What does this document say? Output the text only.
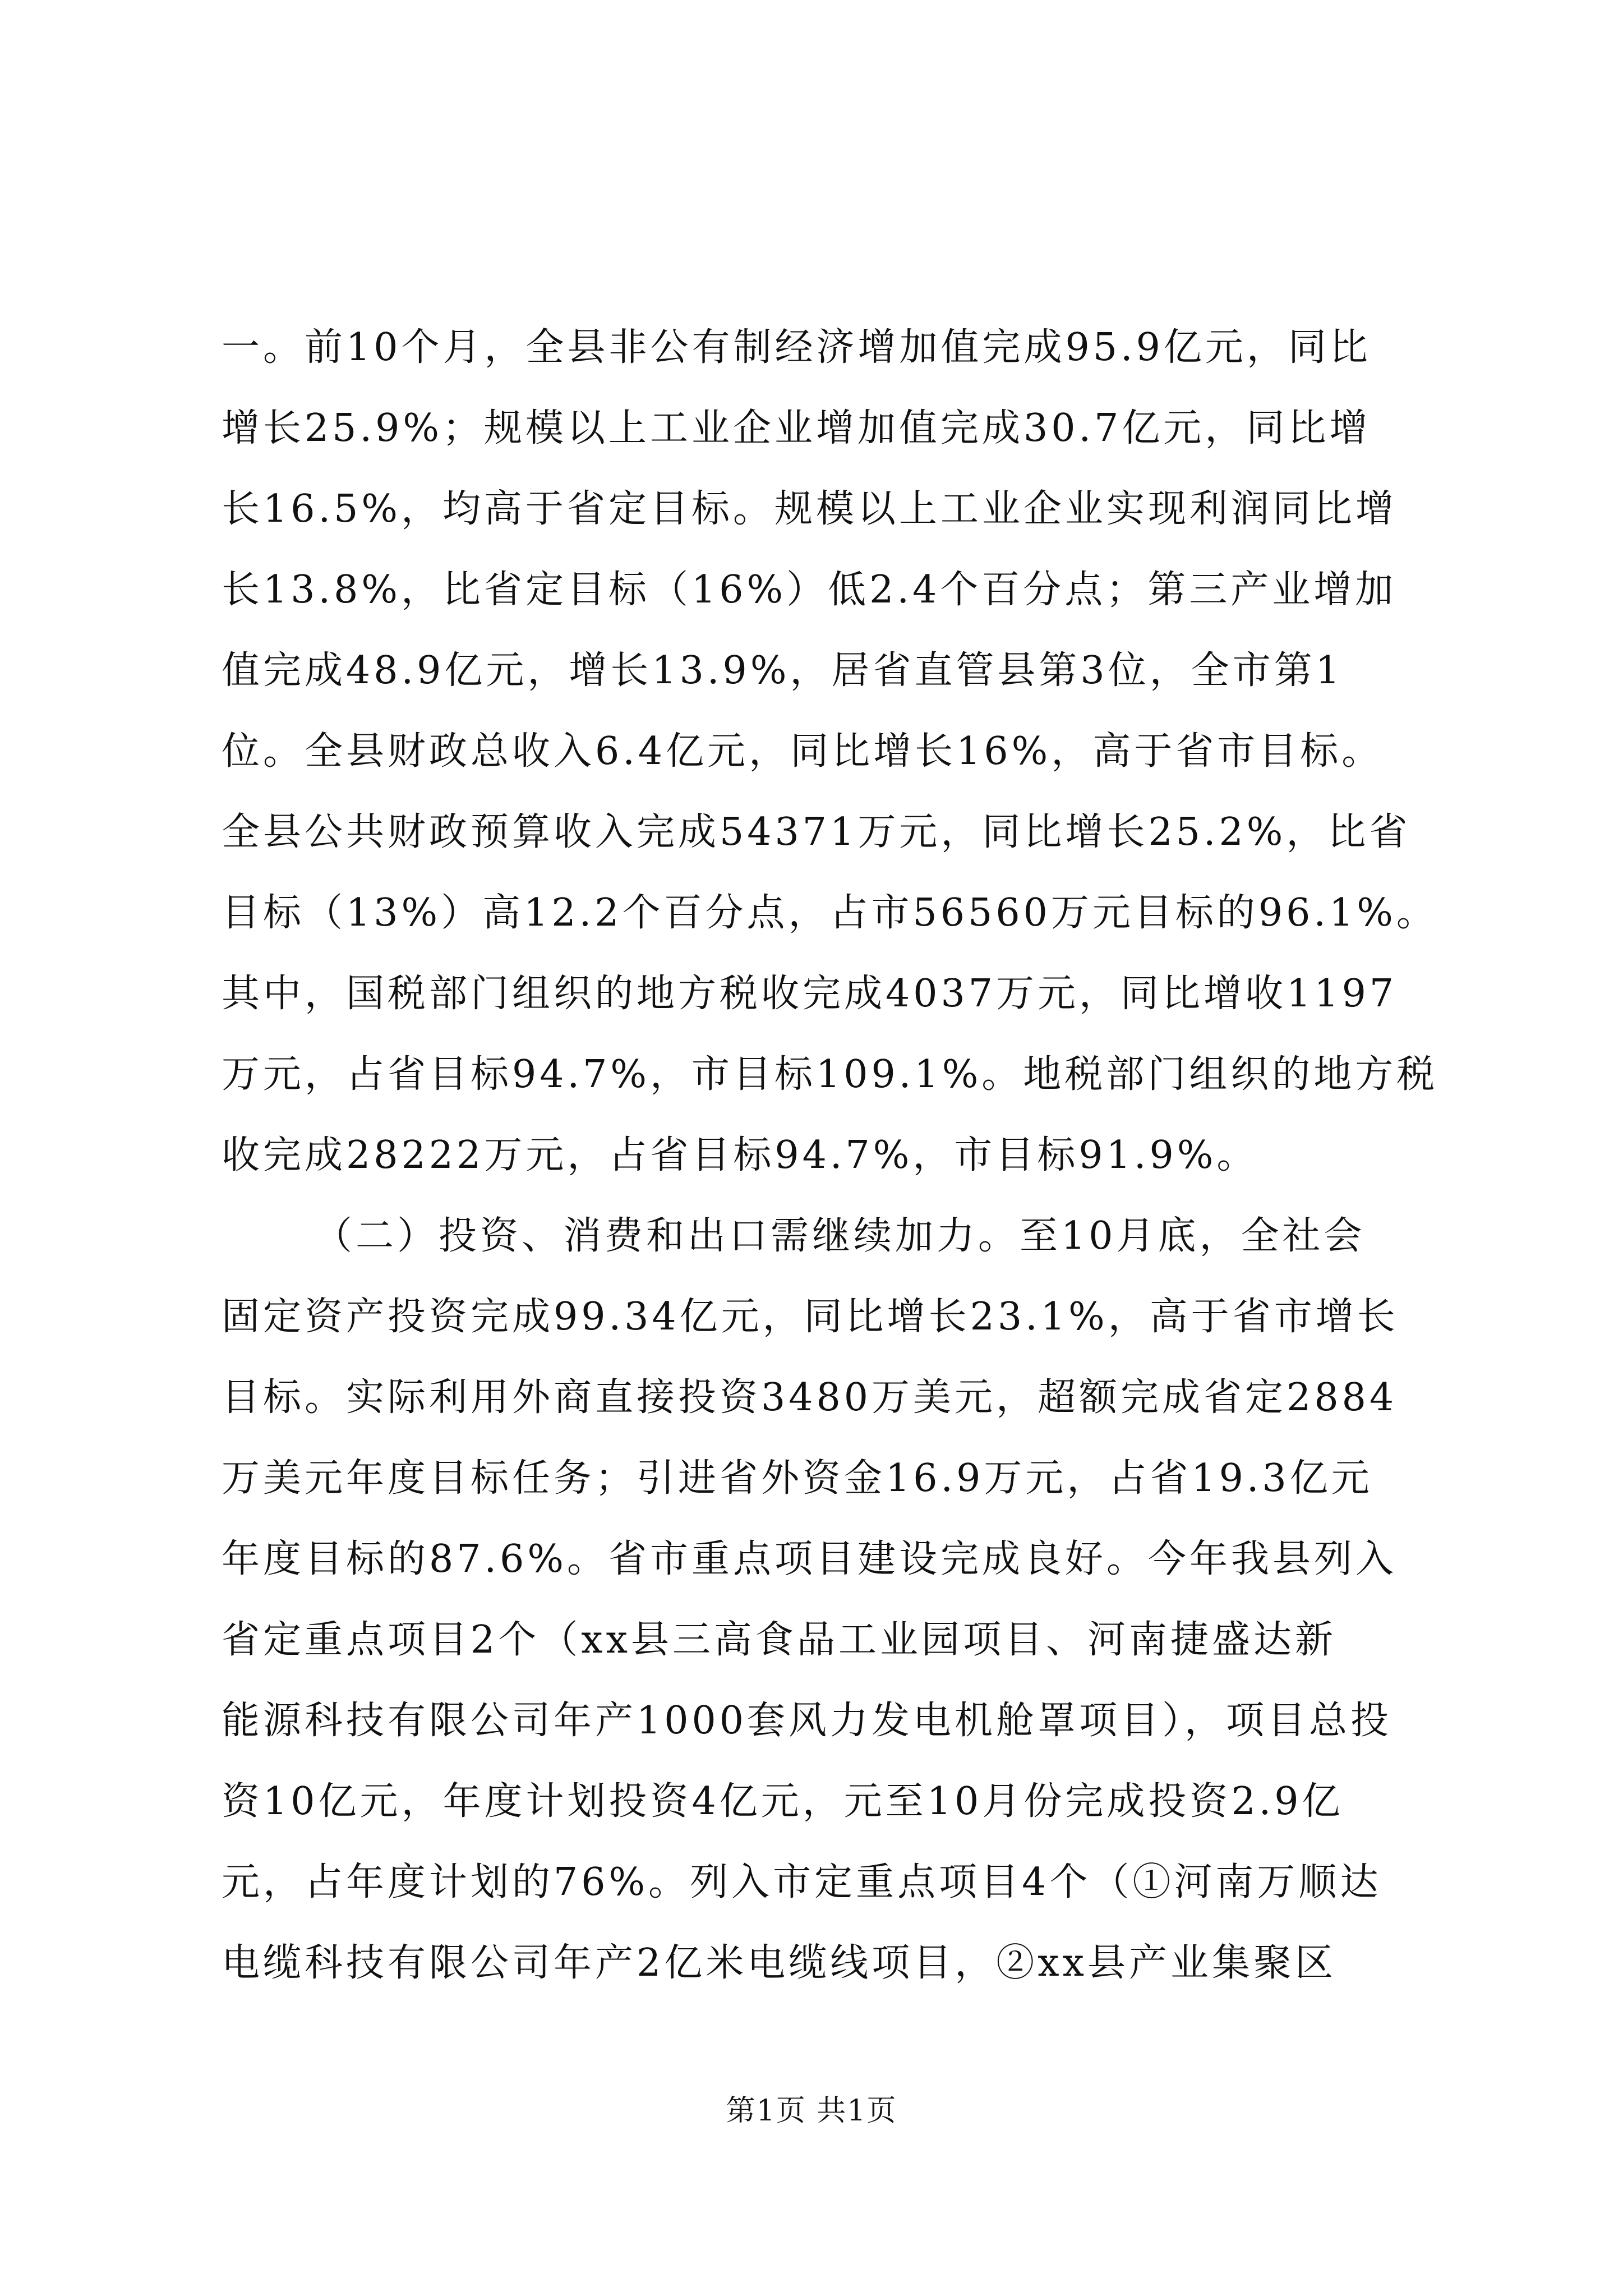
一。前10个月，全县非公有制经济增加值完成95.9亿元，同比
增长25.9%；规模以上工业企业增加值完成30.7亿元，同比增
长16.5%，均高于省定目标。规模以上工业企业实现利润同比增
长13.8%，比省定目标（16%）低2.4个百分点；第三产业增加
值完成48.9亿元，增长13.9%，居省直管县第3位，全市第1
位。全县财政总收入6.4亿元，同比增长16%，高于省市目标。
全县公共财政预算收入完成54371万元，同比增长25.2%，比省
目标（13%）高12.2个百分点，占市56560万元目标的96.1%。
其中，国税部门组织的地方税收完成4037万元，同比增收1197
万元，占省目标94.7%，市目标109.1%。地税部门组织的地方税
收完成28222万元，占省目标94.7%，市目标91.9%。
（二）投资、消费和出口需继续加力。至10月底，全社会
固定资产投资完成99.34亿元，同比增长23.1%，高于省市增长
目标。实际利用外商直接投资3480万美元，超额完成省定2884
万美元年度目标任务；引进省外资金16.9万元，占省19.3亿元
年度目标的87.6%。省市重点项目建设完成良好。今年我县列入
省定重点项目2个（xx县三高食品工业园项目、河南捷盛达新
能源科技有限公司年产1000套风力发电机舱罩项目），项目总投
资10亿元，年度计划投资4亿元，元至10月份完成投资2.9亿
元，占年度计划的76%。列入市定重点项目4个（①河南万顺达
电缆科技有限公司年产2亿米电缆线项目，②xx县产业集聚区
第1页 共1页
